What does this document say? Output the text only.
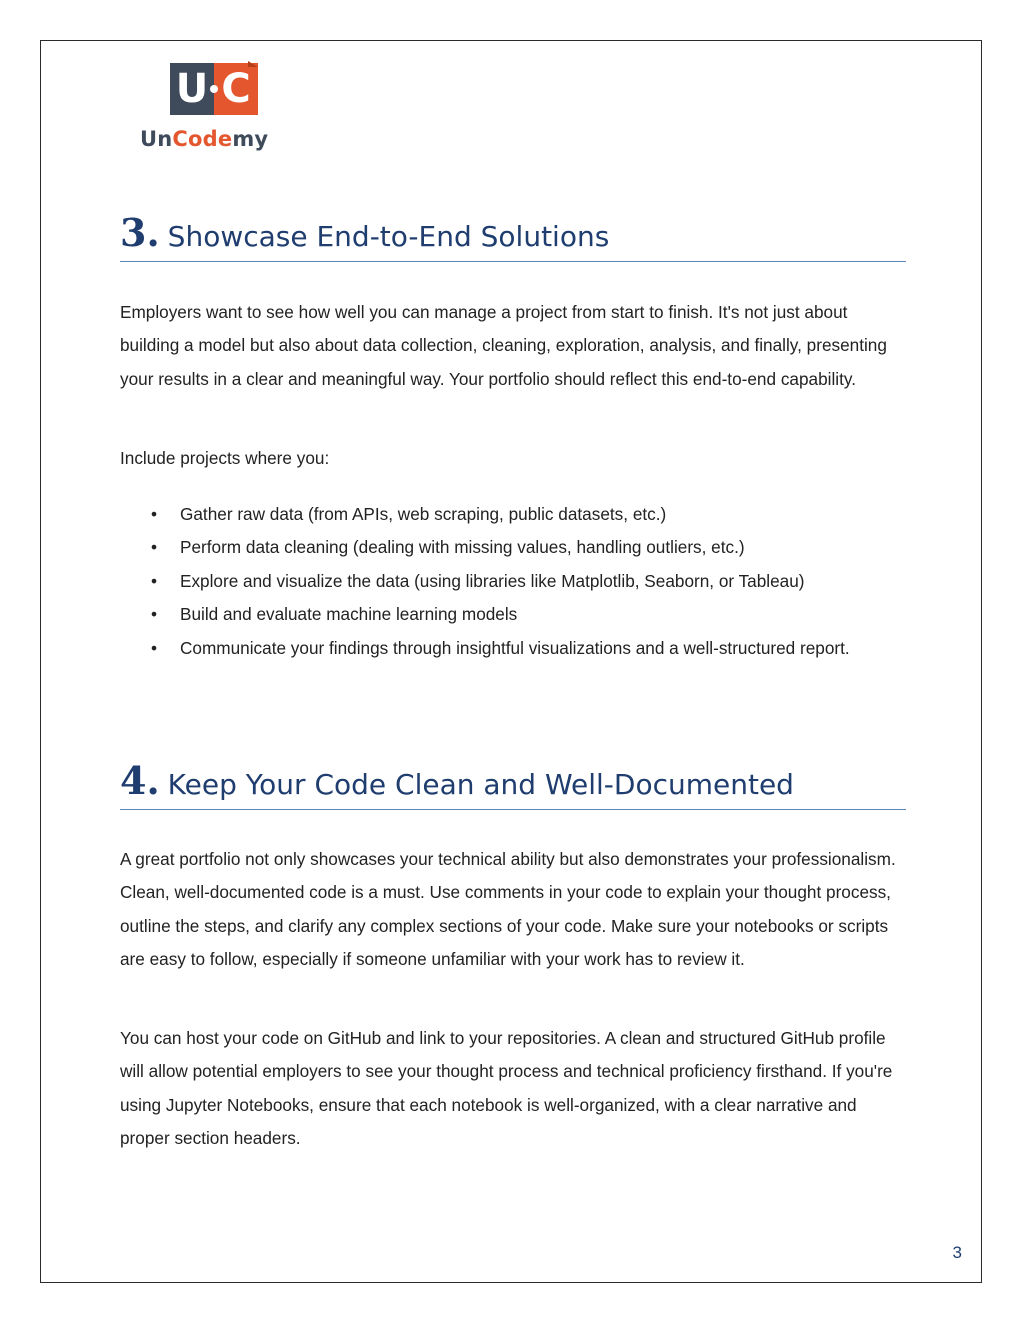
U C
UnCodemy
3. Showcase End-to-End Solutions

Employers want to see how well you can manage a project from start to finish. It's not just about building a model but also about data collection, cleaning, exploration, analysis, and finally, presenting your results in a clear and meaningful way. Your portfolio should reflect this end-to-end capability.

Include projects where you:

• Gather raw data (from APIs, web scraping, public datasets, etc.)
• Perform data cleaning (dealing with missing values, handling outliers, etc.)
• Explore and visualize the data (using libraries like Matplotlib, Seaborn, or Tableau)
• Build and evaluate machine learning models
• Communicate your findings through insightful visualizations and a well-structured report.
4. Keep Your Code Clean and Well-Documented

A great portfolio not only showcases your technical ability but also demonstrates your professionalism. Clean, well-documented code is a must. Use comments in your code to explain your thought process, outline the steps, and clarify any complex sections of your code. Make sure your notebooks or scripts are easy to follow, especially if someone unfamiliar with your work has to review it.

You can host your code on GitHub and link to your repositories. A clean and structured GitHub profile will allow potential employers to see your thought process and technical proficiency firsthand. If you're using Jupyter Notebooks, ensure that each notebook is well-organized, with a clear narrative and proper section headers.

3
